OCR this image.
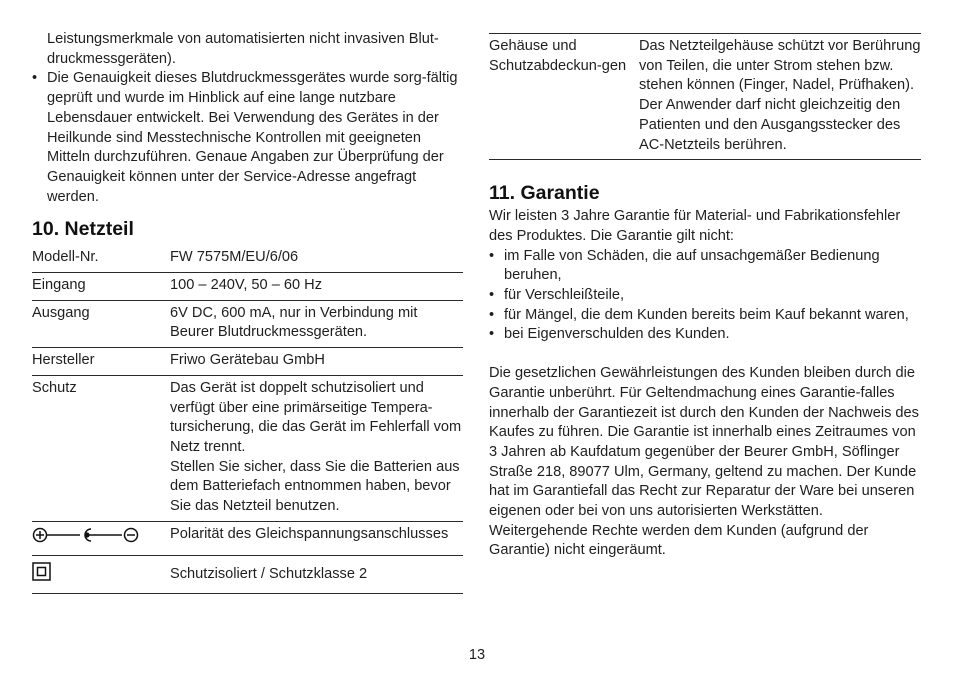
Leistungsmerkmale von automatisierten nicht invasiven Blut-druckmessgeräten).

• Die Genauigkeit dieses Blutdruckmessgerätes wurde sorg-fältig geprüft und wurde im Hinblick auf eine lange nutzbare Lebensdauer entwickelt. Bei Verwendung des Gerätes in der Heilkunde sind Messtechnische Kontrollen mit geeigneten Mitteln durchzuführen. Genaue Angaben zur Überprüfung der Genauigkeit können unter der Service-Adresse angefragt werden.
10. Netzteil
Modell-Nr.	FW 7575M/EU/6/06
Eingang	100 – 240V, 50 – 60 Hz
Ausgang	6V DC, 600 mA, nur in Verbindung mit Beurer Blutdruckmessgeräten.
Hersteller	Friwo Gerätebau GmbH
Schutz	Das Gerät ist doppelt schutzisoliert und verfügt über eine primärseitige Tempera-tursicherung, die das Gerät im Fehlerfall vom Netz trennt.
Stellen Sie sicher, dass Sie die Batterien aus dem Batteriefach entnommen haben, bevor Sie das Netzteil benutzen.

	Polarität des Gleichspannungsanschlusses
	Schutzisoliert / Schutzklasse 2

Gehäuse und Schutzabdeckun-gen	Das Netzteilgehäuse schützt vor Berührung von Teilen, die unter Strom stehen bzw. stehen können (Finger, Nadel, Prüfhaken). Der Anwender darf nicht gleichzeitig den Patienten und den Ausgangsstecker des AC-Netzteils berühren.
11. Garantie

Wir leisten 3 Jahre Garantie für Material- und Fabrikationsfehler des Produktes. Die Garantie gilt nicht:

• im Falle von Schäden, die auf unsachgemäßer Bedienung beruhen,
• für Verschleißteile,
• für Mängel, die dem Kunden bereits beim Kauf bekannt waren,
• bei Eigenverschulden des Kunden.

Die gesetzlichen Gewährleistungen des Kunden bleiben durch die Garantie unberührt. Für Geltendmachung eines Garantie-falles innerhalb der Garantiezeit ist durch den Kunden der Nachweis des Kaufes zu führen. Die Garantie ist innerhalb eines Zeitraumes von 3 Jahren ab Kaufdatum gegenüber der Beurer GmbH, Söflinger Straße 218, 89077 Ulm, Germany, geltend zu machen. Der Kunde hat im Garantiefall das Recht zur Reparatur der Ware bei unseren eigenen oder bei von uns autorisierten Werkstätten. Weitergehende Rechte werden dem Kunden (aufgrund der Garantie) nicht eingeräumt.

13
